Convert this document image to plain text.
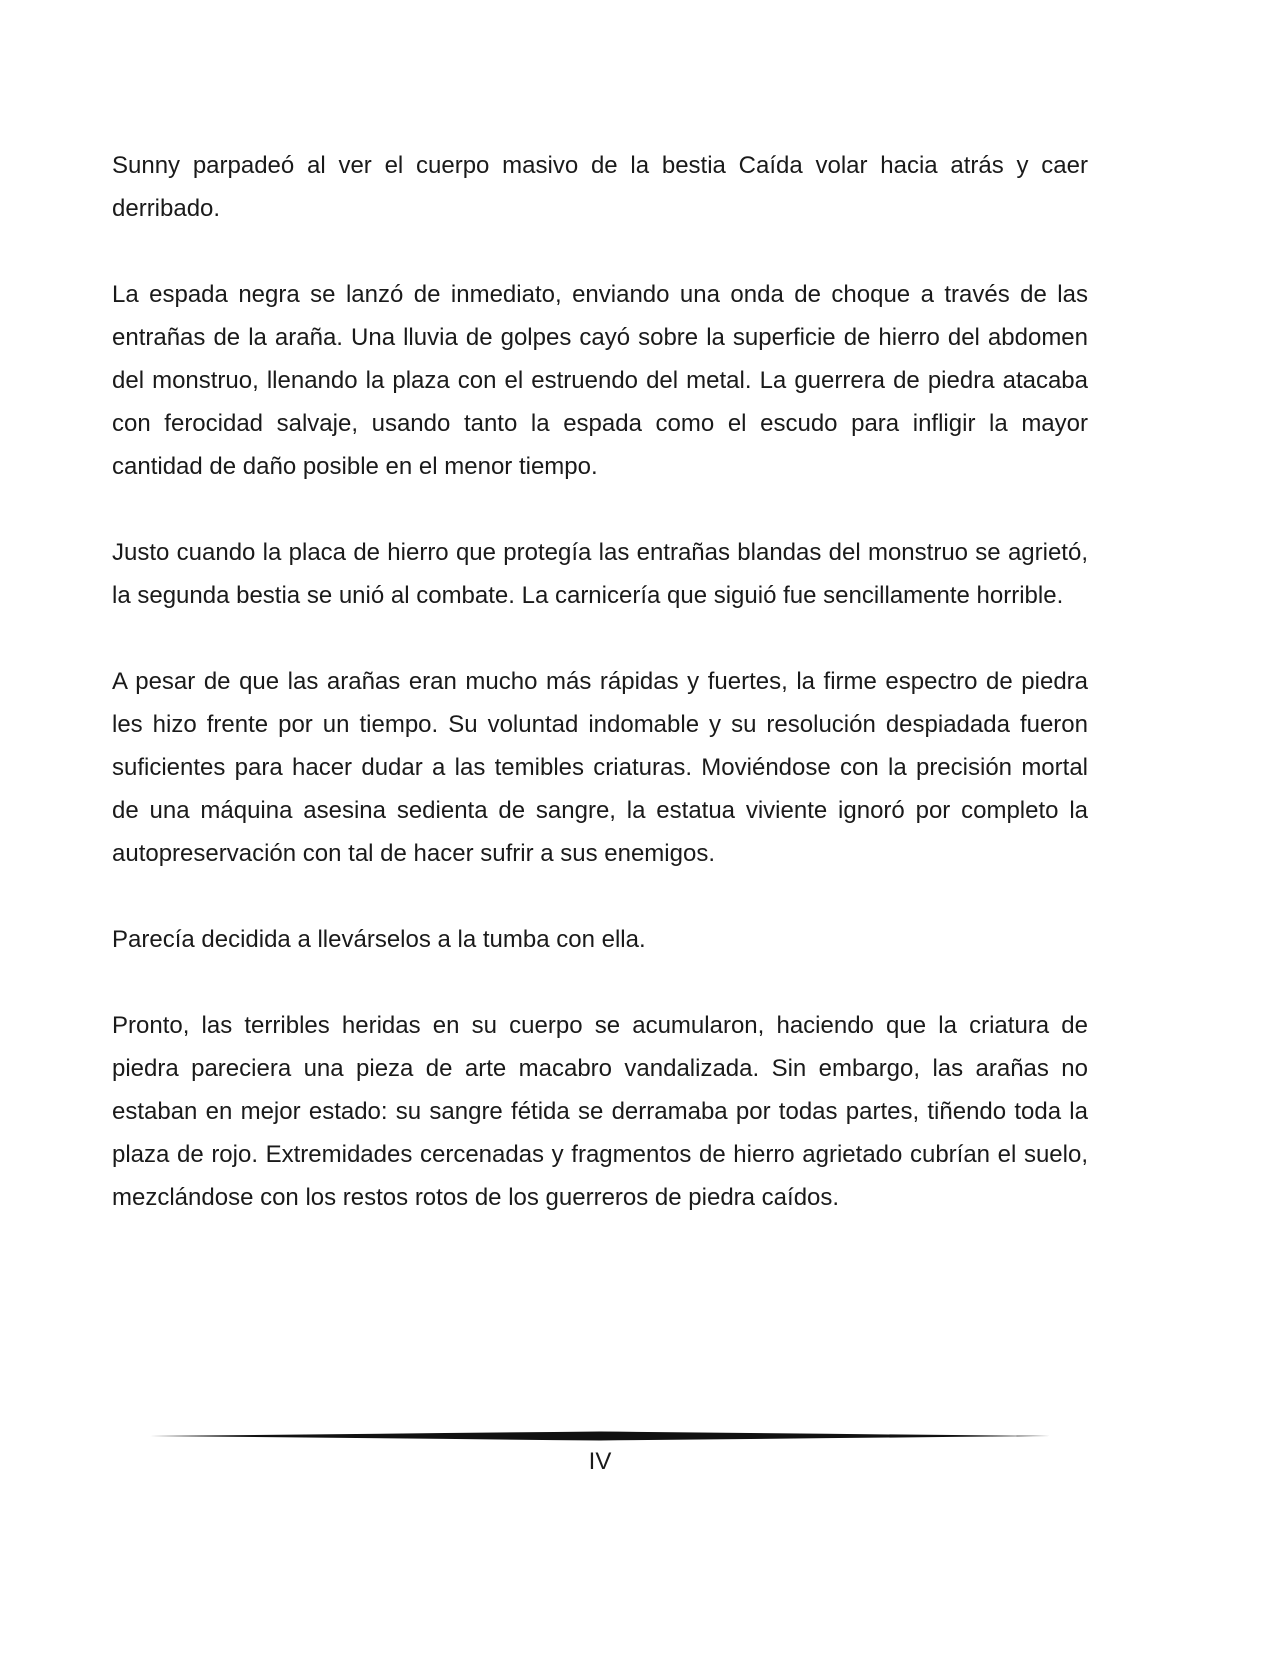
Sunny parpadeó al ver el cuerpo masivo de la bestia Caída volar hacia atrás y caer derribado.

La espada negra se lanzó de inmediato, enviando una onda de choque a través de las entrañas de la araña. Una lluvia de golpes cayó sobre la superficie de hierro del abdomen del monstruo, llenando la plaza con el estruendo del metal. La guerrera de piedra atacaba con ferocidad salvaje, usando tanto la espada como el escudo para infligir la mayor cantidad de daño posible en el menor tiempo.

Justo cuando la placa de hierro que protegía las entrañas blandas del monstruo se agrietó, la segunda bestia se unió al combate. La carnicería que siguió fue sencillamente horrible.

A pesar de que las arañas eran mucho más rápidas y fuertes, la firme espectro de piedra les hizo frente por un tiempo. Su voluntad indomable y su resolución despiadada fueron suficientes para hacer dudar a las temibles criaturas. Moviéndose con la precisión mortal de una máquina asesina sedienta de sangre, la estatua viviente ignoró por completo la autopreservación con tal de hacer sufrir a sus enemigos.

Parecía decidida a llevárselos a la tumba con ella.

Pronto, las terribles heridas en su cuerpo se acumularon, haciendo que la criatura de piedra pareciera una pieza de arte macabro vandalizada. Sin embargo, las arañas no estaban en mejor estado: su sangre fétida se derramaba por todas partes, tiñendo toda la plaza de rojo. Extremidades cercenadas y fragmentos de hierro agrietado cubrían el suelo, mezclándose con los restos rotos de los guerreros de piedra caídos.

IV
